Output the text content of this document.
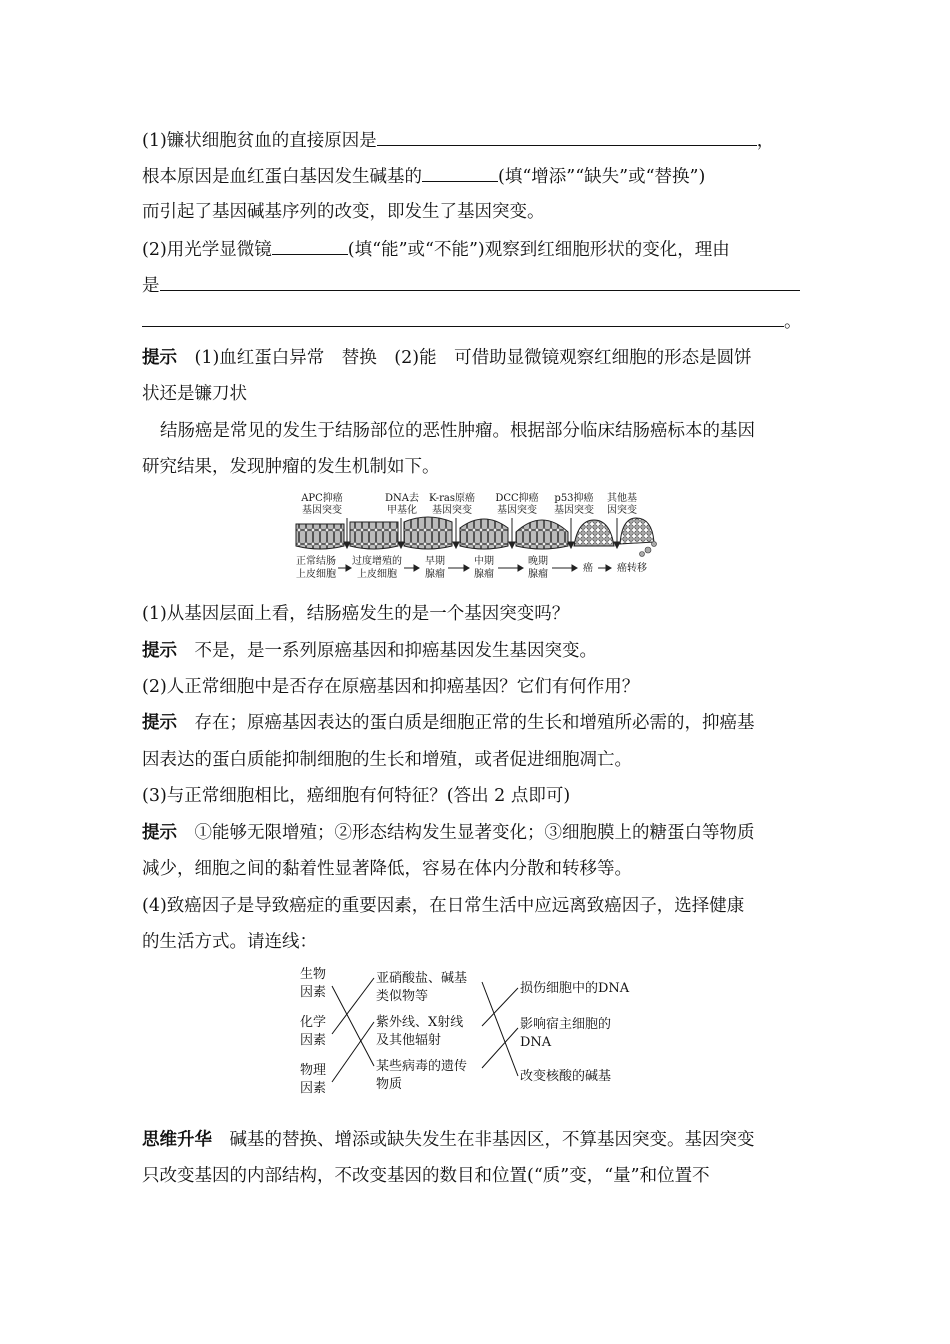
(1)镰状细胞贫血的直接原因是	，
根本原因是血红蛋白基因发生碱基的	(填“增添”“缺失”或“替换”)
而引起了基因碱基序列的改变，即发生了基因突变。
(2)用光学显微镜	(填“能”或“不能”)观察到红细胞形状的变化，理由
是
。
提示　 (1)血红蛋白异常　替换　(2)能　可借助显微镜观察红细胞的形态是圆饼
状还是镰刀状
结肠癌是常见的发生于结肠部位的恶性肿瘤。根据部分临床结肠癌标本的基因
研究结果，发现肿瘤的发生机制如下。
APC抑癌
基因突变
DNA去
甲基化
K-ras原癌
基因突变
DCC抑癌
基因突变
p53抑癌
基因突变
其他基
因突变
正常结肠
上皮细胞
过度增殖的
上皮细胞
早期
腺瘤
中期
腺瘤
晚期
腺瘤
癌 癌转移
(1)从基因层面上看，结肠癌发生的是一个基因突变吗？
提示　 不是，是一系列原癌基因和抑癌基因发生基因突变。
(2)人正常细胞中是否存在原癌基因和抑癌基因？它们有何作用？
提示　 存在；原癌基因表达的蛋白质是细胞正常的生长和增殖所必需的，抑癌基
因表达的蛋白质能抑制细胞的生长和增殖，或者促进细胞凋亡。
(3)与正常细胞相比，癌细胞有何特征？(答出 2 点即可)
提示　 ①能够无限增殖；②形态结构发生显著变化；③细胞膜上的糖蛋白等物质
减少，细胞之间的黏着性显著降低，容易在体内分散和转移等。
(4)致癌因子是导致癌症的重要因素，在日常生活中应远离致癌因子，选择健康
的生活方式。请连线：
生物
因素
化学
因素
物理
因素
亚硝酸盐、碱基
类似物等
紫外线、X射线
及其他辐射
某些病毒的遗传
物质
损伤细胞中的DNA
影响宿主细胞的
DNA
改变核酸的碱基
思维升华　 碱基的替换、增添或缺失发生在非基因区，不算基因突变。基因突变
只改变基因的内部结构，不改变基因的数目和位置(“质”变，“量”和位置不
